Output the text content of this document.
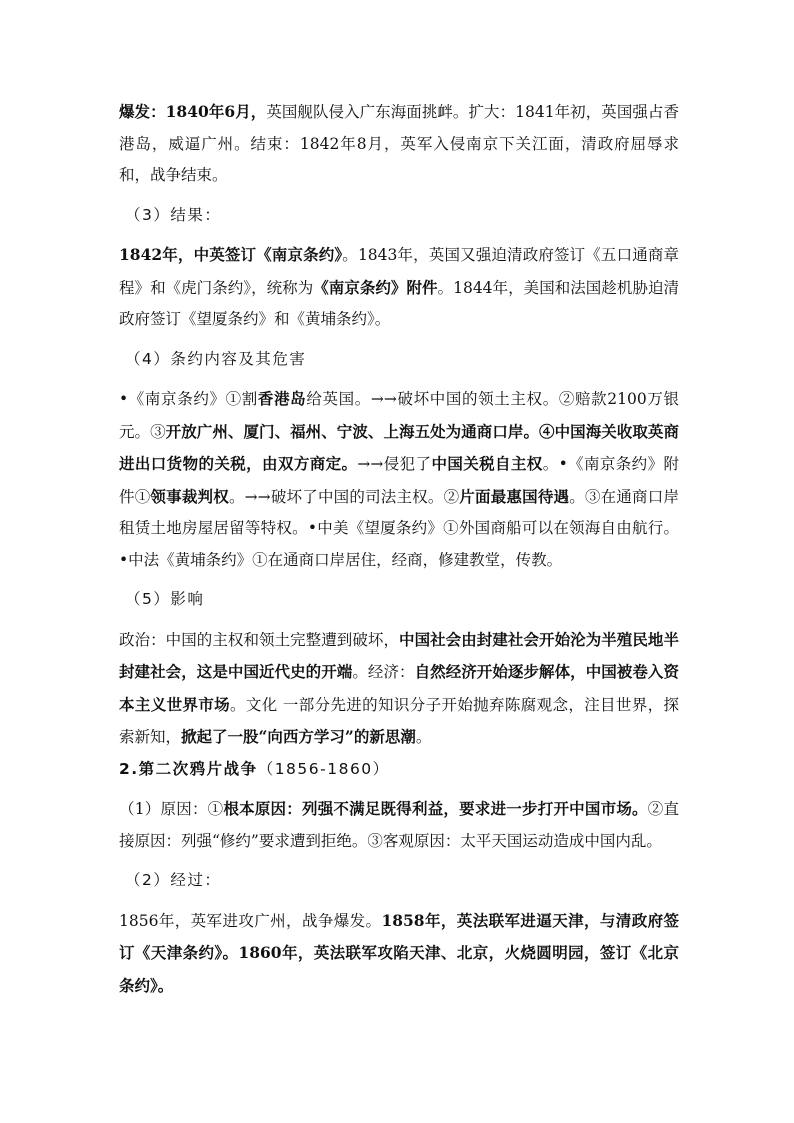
爆发：1840年6月，英国舰队侵入广东海面挑衅。扩大：1841年初，英国强占香港岛，威逼广州。结束：1842年8月，英军入侵南京下关江面，清政府屈辱求和，战争结束。

（3）结果：

1842年，中英签订《南京条约》。1843年，英国又强迫清政府签订《五口通商章程》和《虎门条约》，统称为《南京条约》附件。1844年，美国和法国趁机胁迫清政府签订《望厦条约》和《黄埔条约》。

（4）条约内容及其危害

•《南京条约》①割香港岛给英国。→→破坏中国的领土主权。②赔款2100万银元。③开放广州、厦门、福州、宁波、上海五处为通商口岸。④中国海关收取英商进出口货物的关税，由双方商定。→→侵犯了中国关税自主权。•《南京条约》附件①领事裁判权。→→破坏了中国的司法主权。②片面最惠国待遇。③在通商口岸租赁土地房屋居留等特权。•中美《望厦条约》①外国商船可以在领海自由航行。•中法《黄埔条约》①在通商口岸居住，经商，修建教堂，传教。

（5）影响

政治：中国的主权和领土完整遭到破坏，中国社会由封建社会开始沦为半殖民地半封建社会，这是中国近代史的开端。经济：自然经济开始逐步解体，中国被卷入资本主义世界市场。文化 一部分先进的知识分子开始抛弃陈腐观念，注目世界，探索新知，掀起了一股“向西方学习”的新思潮。

2.第二次鸦片战争（1856-1860）

（1）原因：①根本原因：列强不满足既得利益，要求进一步打开中国市场。②直接原因：列强“修约”要求遭到拒绝。③客观原因：太平天国运动造成中国内乱。

（2）经过：

1856年，英军进攻广州，战争爆发。1858年，英法联军进逼天津，与清政府签订《天津条约》。1860年，英法联军攻陷天津、北京，火烧圆明园，签订《北京条约》。
